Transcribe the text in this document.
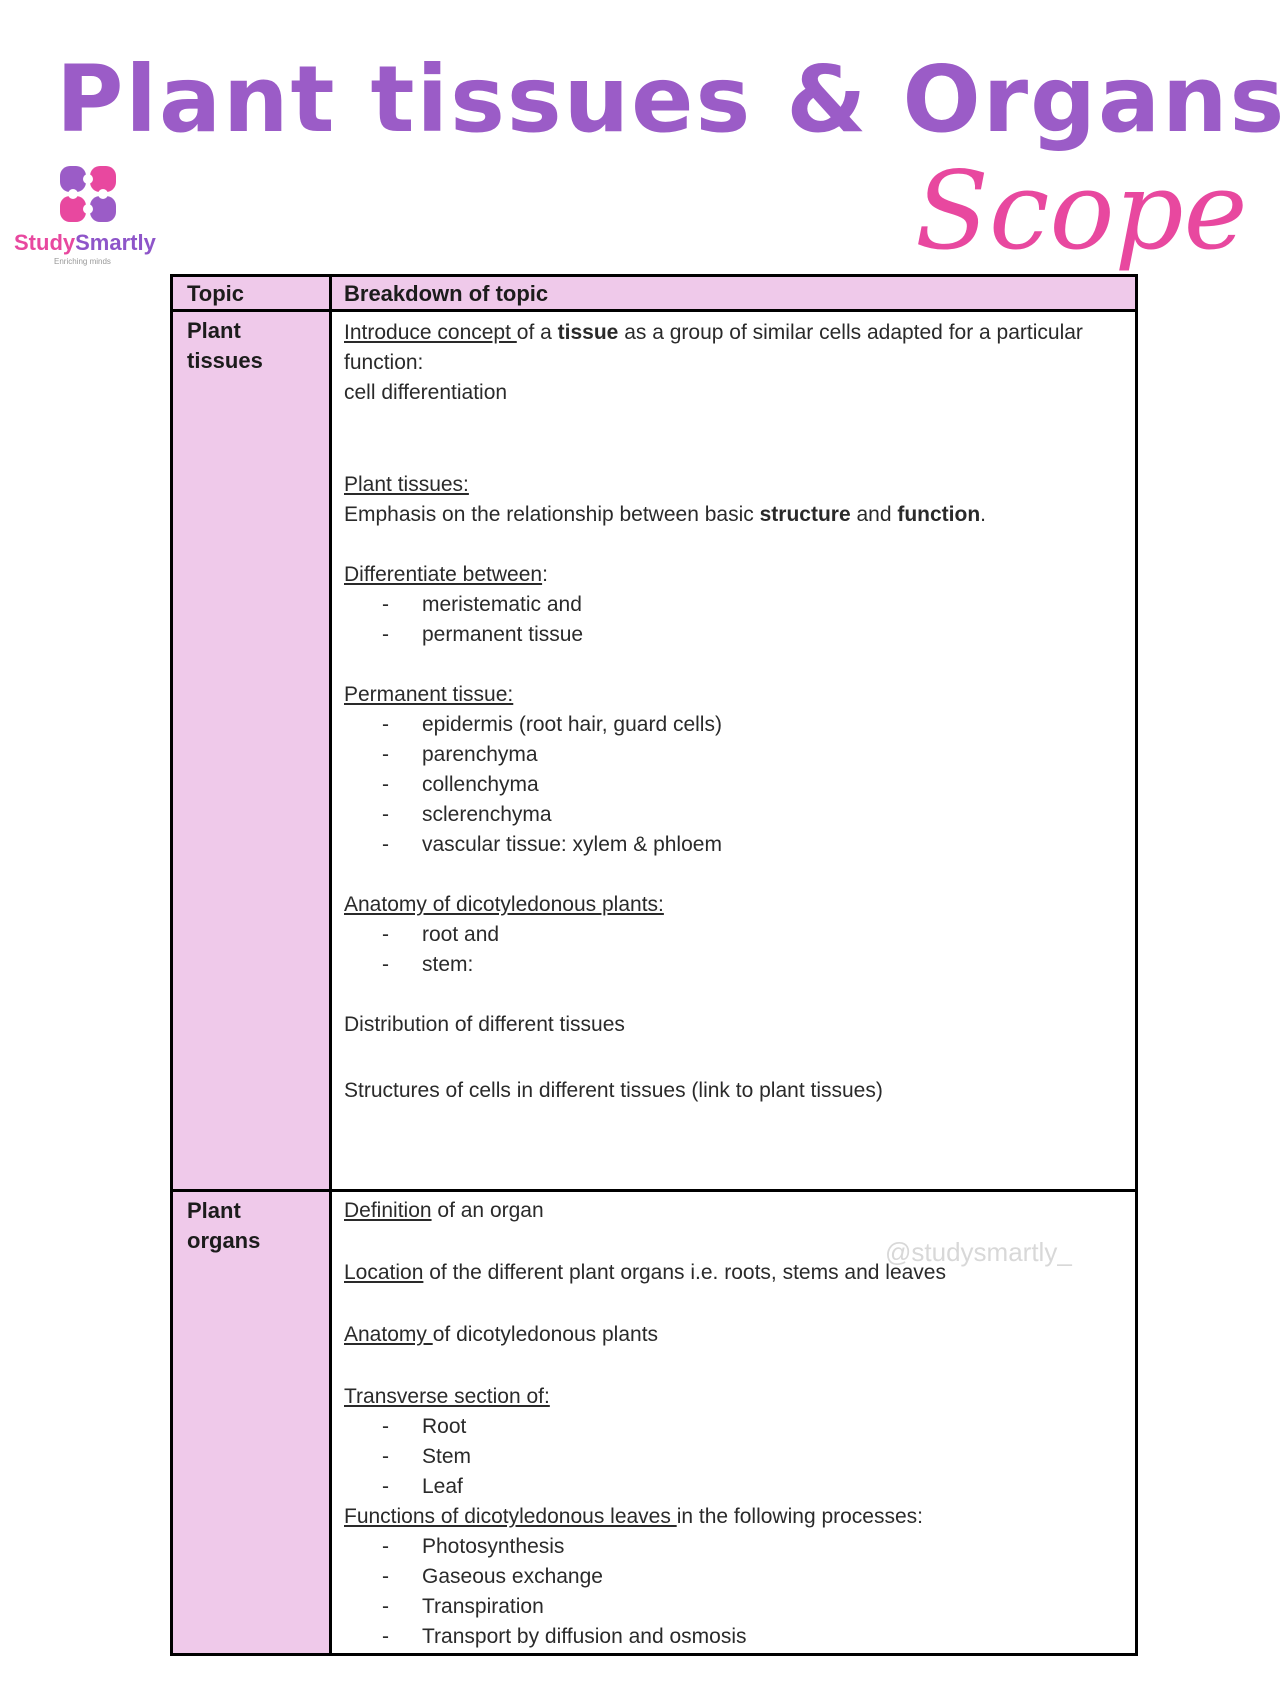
Plant tissues & Organs
Scope
StudySmartly
Enriching minds
Topic	Breakdown of topic
Plant tissues

Introduce concept of a tissue as a group of similar cells adapted for a particular function:

cell differentiation

Plant tissues:

Emphasis on the relationship between basic structure and function.

Differentiate between:

- meristematic and
- permanent tissue

Permanent tissue:

- epidermis (root hair, guard cells)
- parenchyma
- collenchyma
- sclerenchyma
- vascular tissue: xylem & phloem

Anatomy of dicotyledonous plants:

- root and
- stem:

Distribution of different tissues

Structures of cells in different tissues (link to plant tissues)

Plant organs

Definition of an organ

Location of the different plant organs i.e. roots, stems and leaves

Anatomy of dicotyledonous plants

Transverse section of:

- Root
- Stem
- Leaf

Functions of dicotyledonous leaves in the following processes:

- Photosynthesis
- Gaseous exchange
- Transpiration
- Transport by diffusion and osmosis
@studysmartly_
